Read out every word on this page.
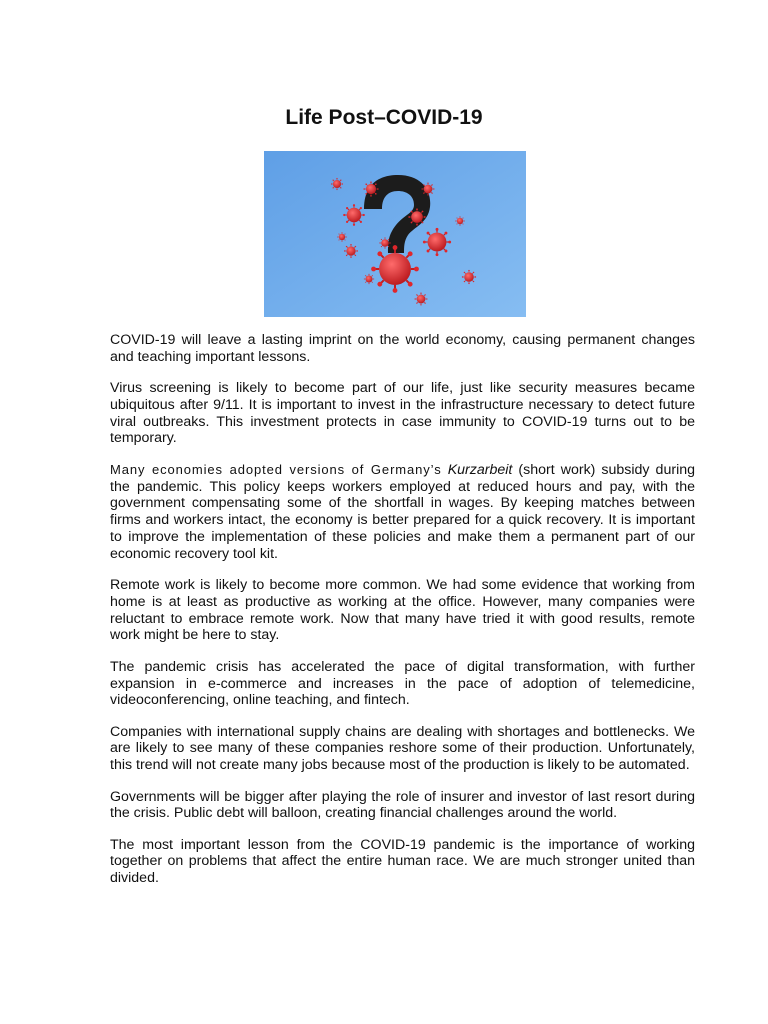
Life Post–COVID-19

COVID-19 will leave a lasting imprint on the world economy, causing permanent changes and teaching important lessons.

Virus screening is likely to become part of our life, just like security measures became ubiquitous after 9/11. It is important to invest in the infrastructure necessary to detect future viral outbreaks. This investment protects in case immunity to COVID-19 turns out to be temporary.

Many economies adopted versions of Germany’s Kurzarbeit (short work) subsidy during the pandemic. This policy keeps workers employed at reduced hours and pay, with the government compensating some of the shortfall in wages. By keeping matches between firms and workers intact, the economy is better prepared for a quick recovery. It is important to improve the implementation of these policies and make them a permanent part of our economic recovery tool kit.

Remote work is likely to become more common. We had some evidence that working from home is at least as productive as working at the office. However, many companies were reluctant to embrace remote work. Now that many have tried it with good results, remote work might be here to stay.

The pandemic crisis has accelerated the pace of digital transformation, with further expansion in e-commerce and increases in the pace of adoption of telemedicine, videoconferencing, online teaching, and fintech.

Companies with international supply chains are dealing with shortages and bottlenecks. We are likely to see many of these companies reshore some of their production. Unfortunately, this trend will not create many jobs because most of the production is likely to be automated.

Governments will be bigger after playing the role of insurer and investor of last resort during the crisis. Public debt will balloon, creating financial challenges around the world.

The most important lesson from the COVID-19 pandemic is the importance of working together on problems that affect the entire human race. We are much stronger united than divided.
